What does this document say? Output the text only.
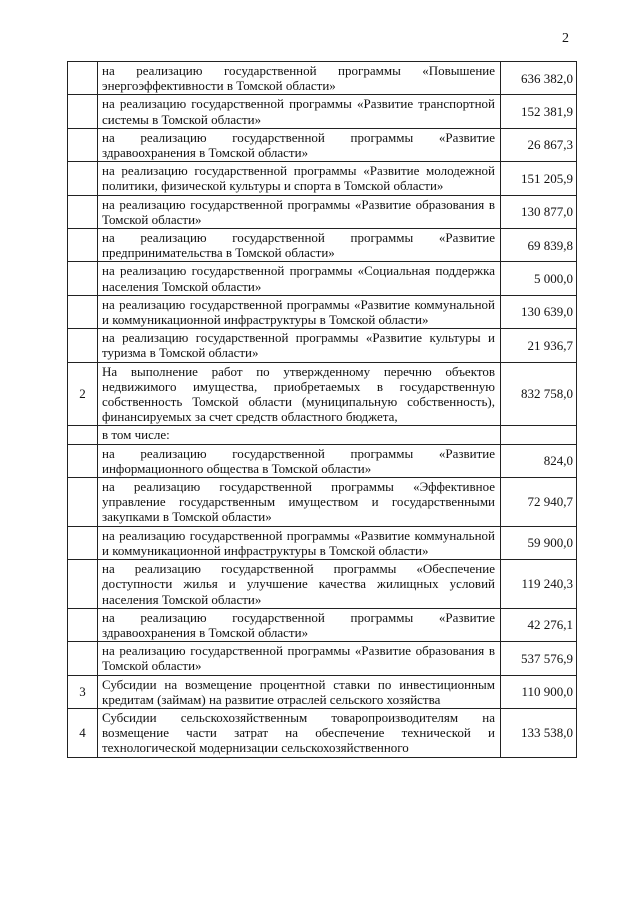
2
	на реализацию государственной программы «Повышение энергоэффективности в Томской области»	636 382,0
	на реализацию государственной программы «Развитие транспортной системы в Томской области»	152 381,9
	на реализацию государственной программы «Развитие здравоохранения в Томской области»	26 867,3
	на реализацию государственной программы «Развитие молодежной политики, физической культуры и спорта в Томской области»	151 205,9
	на реализацию государственной программы «Развитие образования в Томской области»	130 877,0
	на реализацию государственной программы «Развитие предпринимательства в Томской области»	69 839,8
	на реализацию государственной программы «Социальная поддержка населения Томской области»	5 000,0
	на реализацию государственной программы «Развитие коммунальной и коммуникационной инфраструктуры в Томской области»	130 639,0
	на реализацию государственной программы «Развитие культуры и туризма в Томской области»	21 936,7
2	На выполнение работ по утвержденному перечню объектов недвижимого имущества, приобретаемых в государственную собственность Томской области (муниципальную собственность), финансируемых за счет средств областного бюджета,	832 758,0
	в том числе:	
	на реализацию государственной программы «Развитие информационного общества в Томской области»	824,0
	на реализацию государственной программы «Эффективное управление государственным имуществом и государственными закупками в Томской области»	72 940,7
	на реализацию государственной программы «Развитие коммунальной и коммуникационной инфраструктуры в Томской области»	59 900,0
	на реализацию государственной программы «Обеспечение доступности жилья и улучшение качества жилищных условий населения Томской области»	119 240,3
	на реализацию государственной программы «Развитие здравоохранения в Томской области»	42 276,1
	на реализацию государственной программы «Развитие образования в Томской области»	537 576,9
3	Субсидии на возмещение процентной ставки по инвестиционным кредитам (займам) на развитие отраслей сельского хозяйства	110 900,0
4	Субсидии сельскохозяйственным товаропроизводителям на возмещение части затрат на обеспечение технической и технологической модернизации сельскохозяйственного	133 538,0
